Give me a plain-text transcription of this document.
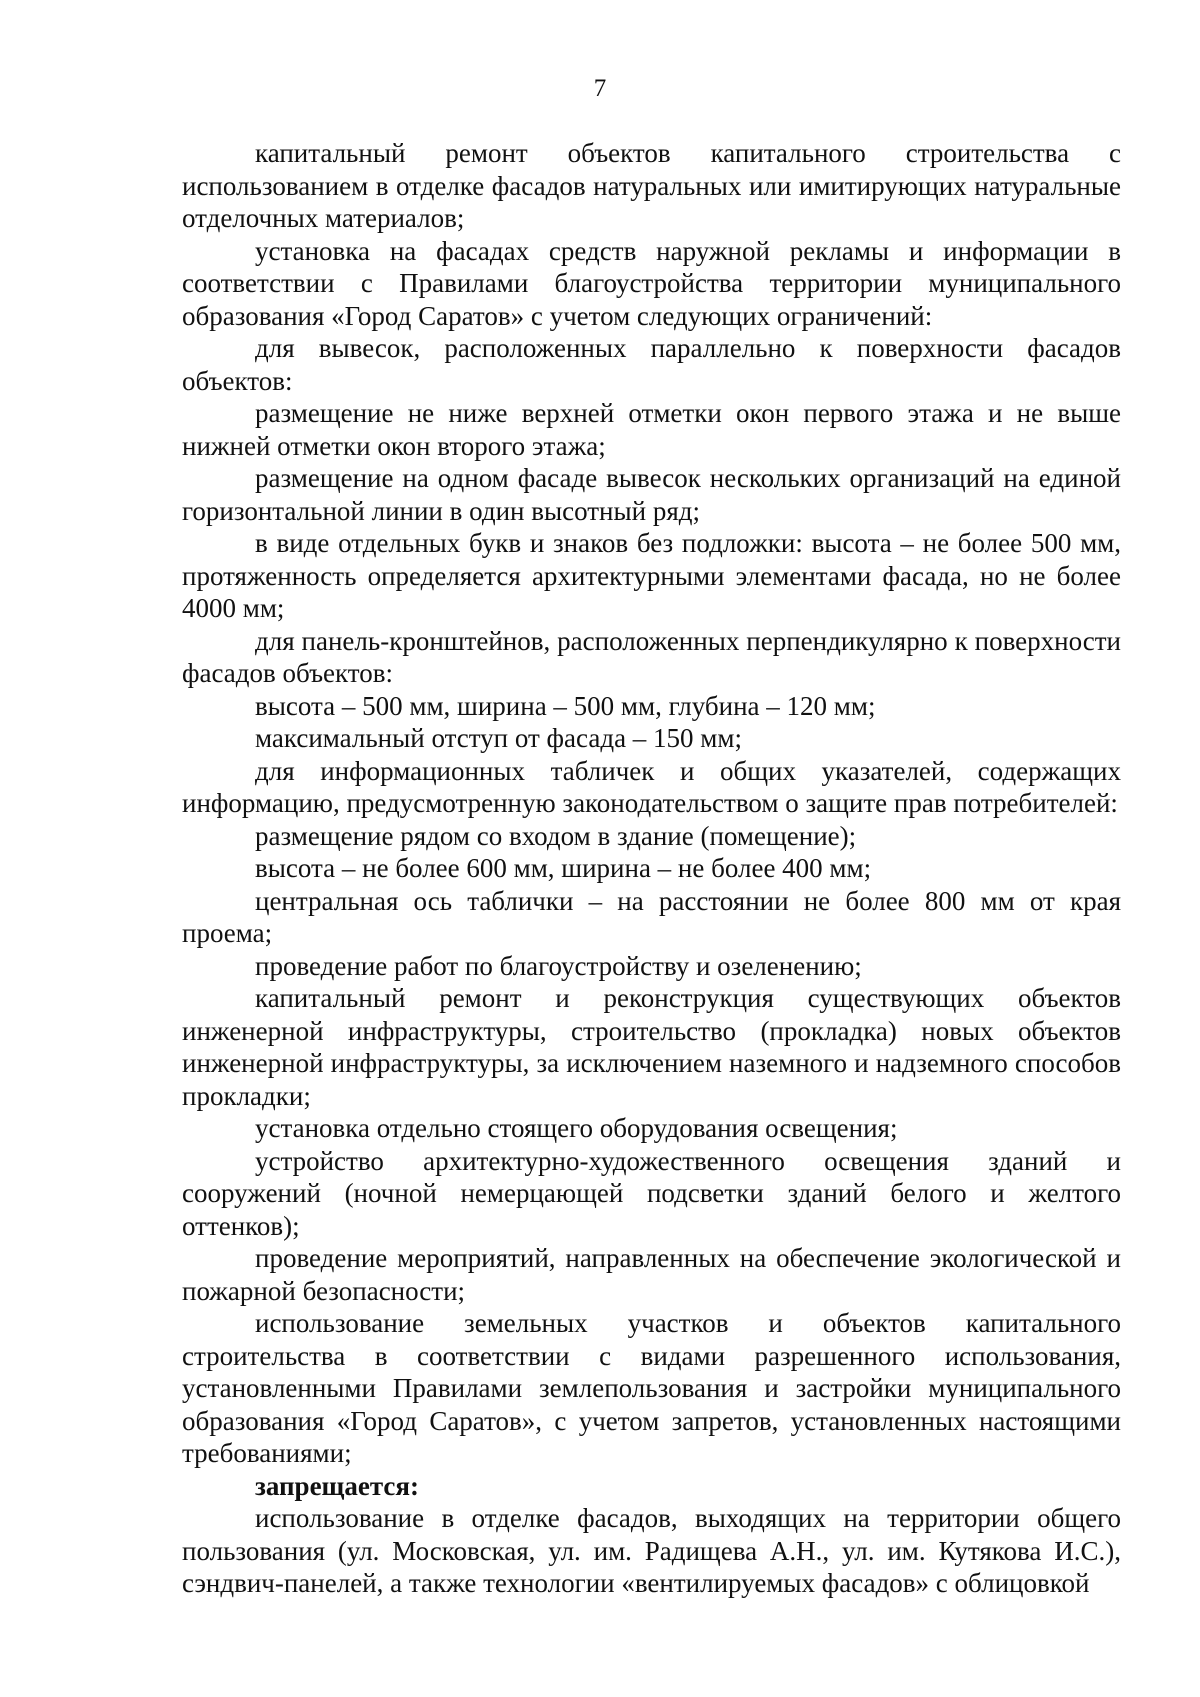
7

капитальный ремонт объектов капитального строительства с использованием в отделке фасадов натуральных или имитирующих натуральные отделочных материалов;

установка на фасадах средств наружной рекламы и информации в соответствии с Правилами благоустройства территории муниципального образования «Город Саратов» с учетом следующих ограничений:

для вывесок, расположенных параллельно к поверхности фасадов объектов:

размещение не ниже верхней отметки окон первого этажа и не выше нижней отметки окон второго этажа;

размещение на одном фасаде вывесок нескольких организаций на единой горизонтальной линии в один высотный ряд;

в виде отдельных букв и знаков без подложки: высота – не более 500 мм, протяженность определяется архитектурными элементами фасада, но не более 4000 мм;

для панель-кронштейнов, расположенных перпендикулярно к поверхности фасадов объектов:

высота – 500 мм, ширина – 500 мм, глубина – 120 мм;

максимальный отступ от фасада – 150 мм;

для информационных табличек и общих указателей, содержащих информацию, предусмотренную законодательством о защите прав потребителей:

размещение рядом со входом в здание (помещение);

высота – не более 600 мм, ширина – не более 400 мм;

центральная ось таблички – на расстоянии не более 800 мм от края проема;

проведение работ по благоустройству и озеленению;

капитальный ремонт и реконструкция существующих объектов инженерной инфраструктуры, строительство (прокладка) новых объектов инженерной инфраструктуры, за исключением наземного и надземного способов прокладки;

установка отдельно стоящего оборудования освещения;

устройство архитектурно-художественного освещения зданий и сооружений (ночной немерцающей подсветки зданий белого и желтого оттенков);

проведение мероприятий, направленных на обеспечение экологической и пожарной безопасности;

использование земельных участков и объектов капитального строительства в соответствии с видами разрешенного использования, установленными Правилами землепользования и застройки муниципального образования «Город Саратов», с учетом запретов, установленных настоящими требованиями;

запрещается:

использование в отделке фасадов, выходящих на территории общего пользования (ул. Московская, ул. им. Радищева А.Н., ул. им. Кутякова И.С.), сэндвич-панелей, а также технологии «вентилируемых фасадов» с облицовкой
